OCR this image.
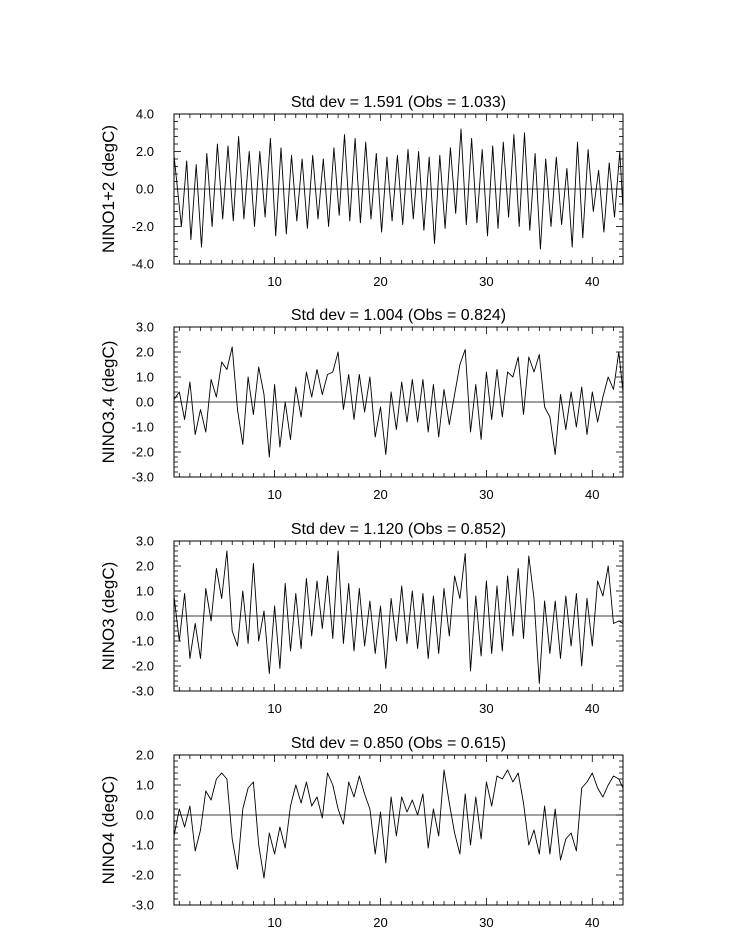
Std dev = 1.591 (Obs = 1.033)
NINO1+2 (degC)
4.0
2.0
0.0
-2.0
-4.0
10	20	30	40
Std dev = 1.004 (Obs = 0.824)
NINO3.4 (degC)
3.0
2.0
1.0
0.0
-1.0
-2.0
-3.0
10	20	30	40
Std dev = 1.120 (Obs = 0.852)
NINO3 (degC)
3.0
2.0
1.0
0.0
-1.0
-2.0
-3.0
10	20	30	40
Std dev = 0.850 (Obs = 0.615)
NINO4 (degC)
2.0
1.0
0.0
-1.0
-2.0
-3.0
10	20	30	40
